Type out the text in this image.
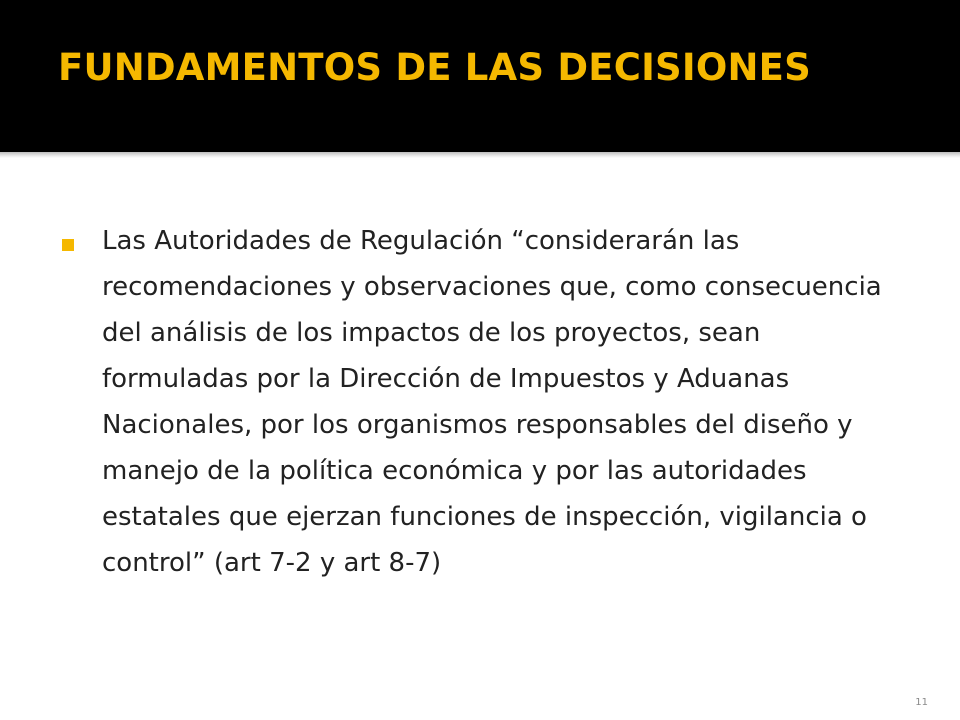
FUNDAMENTOS DE LAS DECISIONES

Las Autoridades de Regulación “considerarán las recomendaciones y observaciones que, como consecuencia del análisis de los impactos de los proyectos, sean formuladas por la Dirección de Impuestos y Aduanas Nacionales, por los organismos responsables del diseño y manejo de la política económica y por las autoridades estatales que ejerzan funciones de inspección, vigilancia o control” (art 7-2 y art 8-7)

11
